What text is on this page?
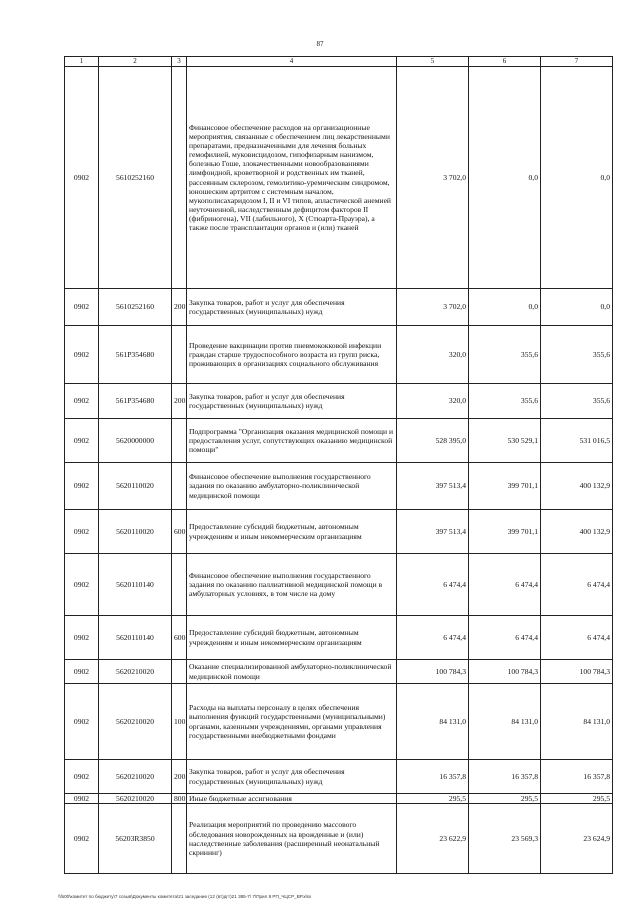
87
1	2	3	4	5	6	7
0902	5610252160		Финансовое обеспечение расходов на организационные мероприятия, связанные с обеспечением лиц лекарственными препаратами, предназначенными для лечения больных гемофилией, муковисцидозом, гипофизарным нанизмом, болезнью Гоше, злокачественными новообразованиями лимфоидной, кроветворной и родственных им тканей, рассеянным склерозом, гемолитико-уремическим синдромом, юношеским артритом с системным началом, мукополисахаридозом I, II и VI типов, апластической анемией неуточненной, наследственным дефицитом факторов II (фибриногена), VII (лабильного), X (Стюарта-Прауэра), а также после трансплантации органов и (или) тканей	3 702,0	0,0	0,0
0902	5610252160	200	Закупка товаров, работ и услуг для обеспечения государственных (муниципальных) нужд	3 702,0	0,0	0,0
0902	561P354680		Проведение вакцинации против пневмококковой инфекции граждан старше трудоспособного возраста из групп риска, проживающих в организациях социального обслуживания	320,0	355,6	355,6
0902	561P354680	200	Закупка товаров, работ и услуг для обеспечения государственных (муниципальных) нужд	320,0	355,6	355,6
0902	5620000000		Подпрограмма "Организация оказания медицинской помощи и предоставления услуг, сопутствующих оказанию медицинской помощи"	528 395,0	530 529,1	531 016,5
0902	5620110020		Финансовое обеспечение выполнения государственного задания по оказанию амбулаторно-поликлинической медицинской помощи	397 513,4	399 701,1	400 132,9
0902	5620110020	600	Предоставление субсидий бюджетным, автономным учреждениям и иным некоммерческим организациям	397 513,4	399 701,1	400 132,9
0902	5620110140		Финансовое обеспечение выполнения государственного задания по оказанию паллиативной медицинской помощи в амбулаторных условиях, в том числе на дому	6 474,4	6 474,4	6 474,4
0902	5620110140	600	Предоставление субсидий бюджетным, автономным учреждениям и иным некоммерческим организациям	6 474,4	6 474,4	6 474,4
0902	5620210020		Оказание специализированной амбулаторно-поликлинической медицинской помощи	100 784,3	100 784,3	100 784,3
0902	5620210020	100	Расходы на выплаты персоналу в целях обеспечения выполнения функций государственными (муниципальными) органами, казенными учреждениями, органами управления государственными внебюджетными фондами	84 131,0	84 131,0	84 131,0
0902	5620210020	200	Закупка товаров, работ и услуг для обеспечения государственных (муниципальных) нужд	16 357,8	16 357,8	16 357,8
0902	5620210020	800	Иные бюджетные ассигнования	295,5	295,5	295,5
0902	56203R3850		Реализация мероприятий по проведению массового обследования новорожденных на врожденные и (или) наследственные заболевания (расширенный неонатальный скрининг)	23 622,9	23 569,3	23 624,9
\\fs00\комитет по бюджету\7 созыв\Документы комитета\21 заседание (12 (вт)дгт)21 385-7\ 7\Прил 8 РП_ЧЦСР_ВР.xlsx
